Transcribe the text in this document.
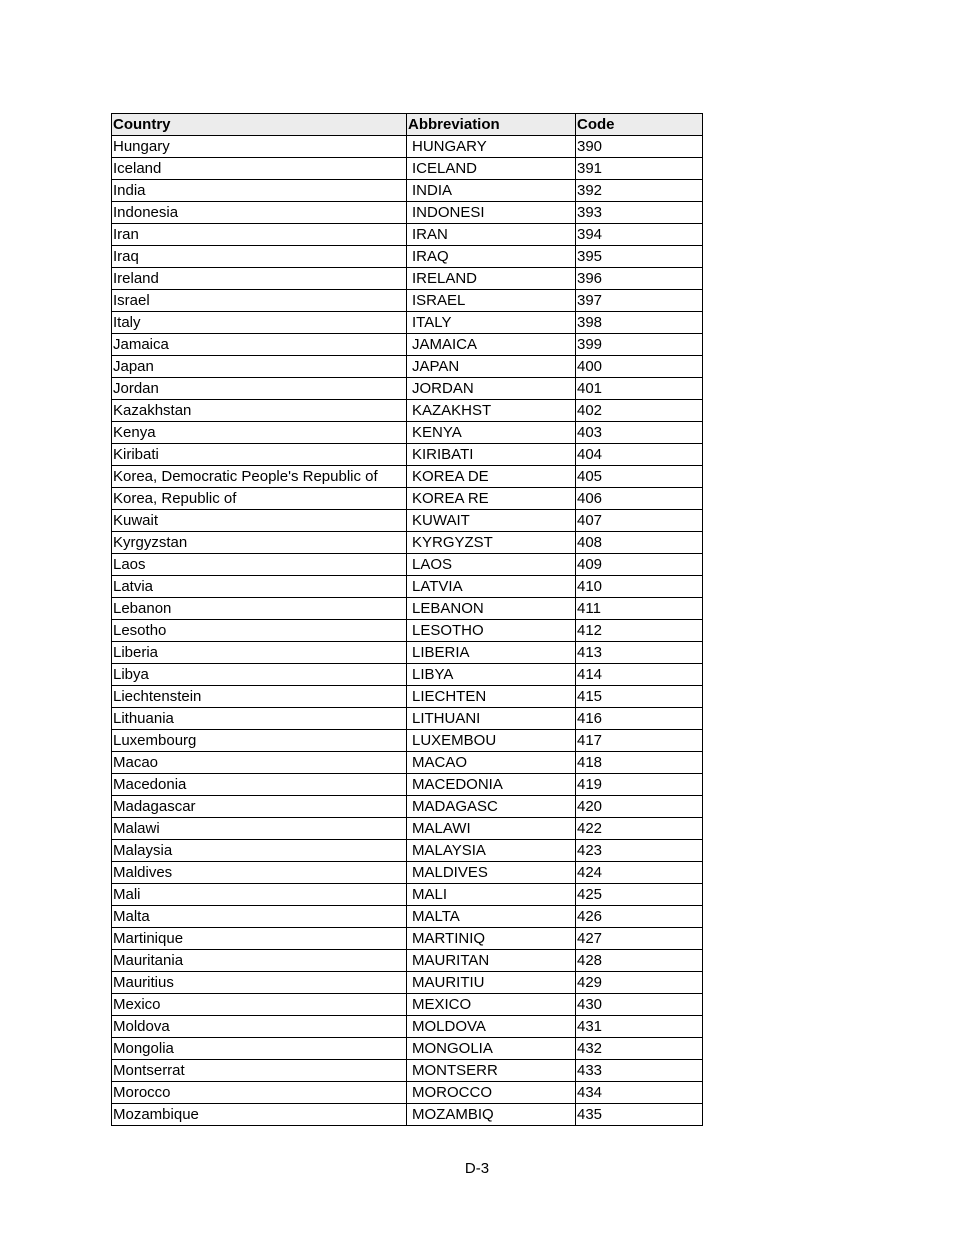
Country	Abbreviation	Code
Hungary	HUNGARY	390
Iceland	ICELAND	391
India	INDIA	392
Indonesia	INDONESI	393
Iran	IRAN	394
Iraq	IRAQ	395
Ireland	IRELAND	396
Israel	ISRAEL	397
Italy	ITALY	398
Jamaica	JAMAICA	399
Japan	JAPAN	400
Jordan	JORDAN	401
Kazakhstan	KAZAKHST	402
Kenya	KENYA	403
Kiribati	KIRIBATI	404
Korea, Democratic People's Republic of	KOREA DE	405
Korea, Republic of	KOREA RE	406
Kuwait	KUWAIT	407
Kyrgyzstan	KYRGYZST	408
Laos	LAOS	409
Latvia	LATVIA	410
Lebanon	LEBANON	411
Lesotho	LESOTHO	412
Liberia	LIBERIA	413
Libya	LIBYA	414
Liechtenstein	LIECHTEN	415
Lithuania	LITHUANI	416
Luxembourg	LUXEMBOU	417
Macao	MACAO	418
Macedonia	MACEDONIA	419
Madagascar	MADAGASC	420
Malawi	MALAWI	422
Malaysia	MALAYSIA	423
Maldives	MALDIVES	424
Mali	MALI	425
Malta	MALTA	426
Martinique	MARTINIQ	427
Mauritania	MAURITAN	428
Mauritius	MAURITIU	429
Mexico	MEXICO	430
Moldova	MOLDOVA	431
Mongolia	MONGOLIA	432
Montserrat	MONTSERR	433
Morocco	MOROCCO	434
Mozambique	MOZAMBIQ	435
D-3
